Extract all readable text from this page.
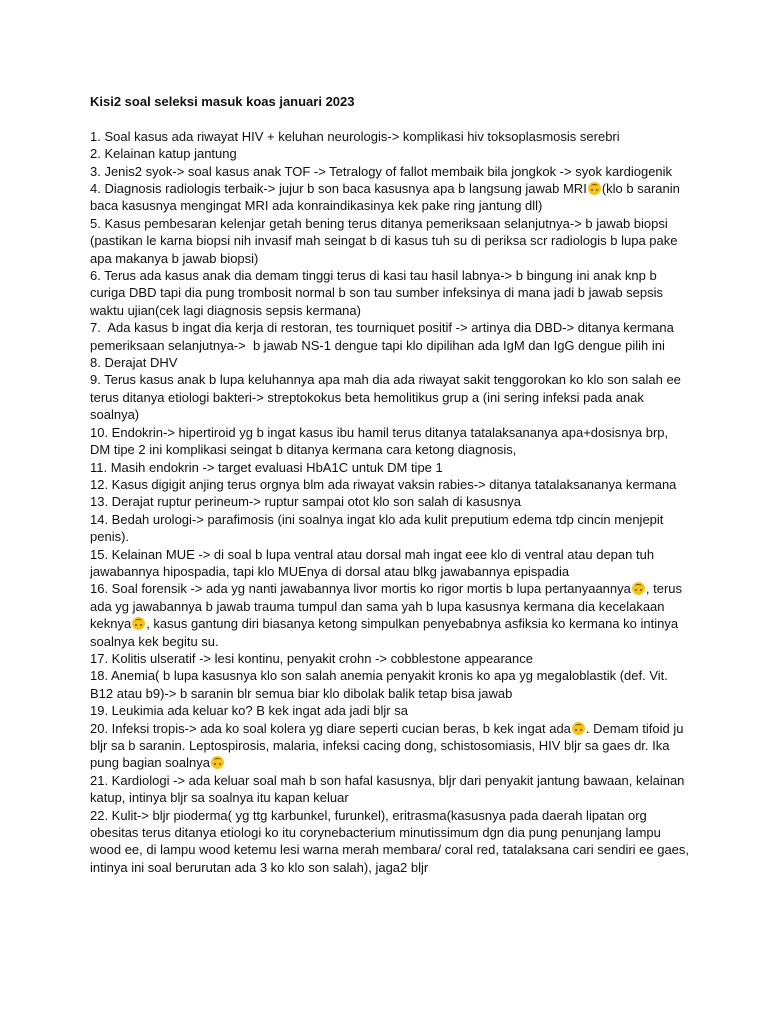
Kisi2 soal seleksi masuk koas januari 2023

1. Soal kasus ada riwayat HIV + keluhan neurologis-> komplikasi hiv toksoplasmosis serebri

2. Kelainan katup jantung

3. Jenis2 syok-> soal kasus anak TOF -> Tetralogy of fallot membaik bila jongkok -> syok kardiogenik

4. Diagnosis radiologis terbaik-> jujur b son baca kasusnya apa b langsung jawab MRI (klo b saranin baca kasusnya mengingat MRI ada konraindikasinya kek pake ring jantung dll)

5. Kasus pembesaran kelenjar getah bening terus ditanya pemeriksaan selanjutnya-> b jawab biopsi (pastikan le karna biopsi nih invasif mah seingat b di kasus tuh su di periksa scr radiologis b lupa pake apa makanya b jawab biopsi)

6. Terus ada kasus anak dia demam tinggi terus di kasi tau hasil labnya-> b bingung ini anak knp b curiga DBD tapi dia pung trombosit normal b son tau sumber infeksinya di mana jadi b jawab sepsis waktu ujian(cek lagi diagnosis sepsis kermana)

7.  Ada kasus b ingat dia kerja di restoran, tes tourniquet positif -> artinya dia DBD-> ditanya kermana pemeriksaan selanjutnya->  b jawab NS-1 dengue tapi klo dipilihan ada IgM dan IgG dengue pilih ini

8. Derajat DHV

9. Terus kasus anak b lupa keluhannya apa mah dia ada riwayat sakit tenggorokan ko klo son salah ee terus ditanya etiologi bakteri-> streptokokus beta hemolitikus grup a (ini sering infeksi pada anak soalnya)

10. Endokrin-> hipertiroid yg b ingat kasus ibu hamil terus ditanya tatalaksananya apa+dosisnya brp, DM tipe 2 ini komplikasi seingat b ditanya kermana cara ketong diagnosis,

11. Masih endokrin -> target evaluasi HbA1C untuk DM tipe 1

12. Kasus digigit anjing terus orgnya blm ada riwayat vaksin rabies-> ditanya tatalaksananya kermana

13. Derajat ruptur perineum-> ruptur sampai otot klo son salah di kasusnya

14. Bedah urologi-> parafimosis (ini soalnya ingat klo ada kulit preputium edema tdp cincin menjepit penis).

15. Kelainan MUE -> di soal b lupa ventral atau dorsal mah ingat eee klo di ventral atau depan tuh jawabannya hipospadia, tapi klo MUEnya di dorsal atau blkg jawabannya epispadia

16. Soal forensik -> ada yg nanti jawabannya livor mortis ko rigor mortis b lupa pertanyaannya , terus ada yg jawabannya b jawab trauma tumpul dan sama yah b lupa kasusnya kermana dia kecelakaan keknya , kasus gantung diri biasanya ketong simpulkan penyebabnya asfiksia ko kermana ko intinya soalnya kek begitu su.

17. Kolitis ulseratif -> lesi kontinu, penyakit crohn -> cobblestone appearance

18. Anemia( b lupa kasusnya klo son salah anemia penyakit kronis ko apa yg megaloblastik (def. Vit. B12 atau b9)-> b saranin blr semua biar klo dibolak balik tetap bisa jawab

19. Leukimia ada keluar ko? B kek ingat ada jadi bljr sa

20. Infeksi tropis-> ada ko soal kolera yg diare seperti cucian beras, b kek ingat ada . Demam tifoid ju bljr sa b saranin. Leptospirosis, malaria, infeksi cacing dong, schistosomiasis, HIV bljr sa gaes dr. Ika pung bagian soalnya

21. Kardiologi -> ada keluar soal mah b son hafal kasusnya, bljr dari penyakit jantung bawaan, kelainan katup, intinya bljr sa soalnya itu kapan keluar

22. Kulit-> bljr pioderma( yg ttg karbunkel, furunkel), eritrasma(kasusnya pada daerah lipatan org obesitas terus ditanya etiologi ko itu corynebacterium minutissimum dgn dia pung penunjang lampu wood ee, di lampu wood ketemu lesi warna merah membara/ coral red, tatalaksana cari sendiri ee gaes, intinya ini soal berurutan ada 3 ko klo son salah), jaga2 bljr
